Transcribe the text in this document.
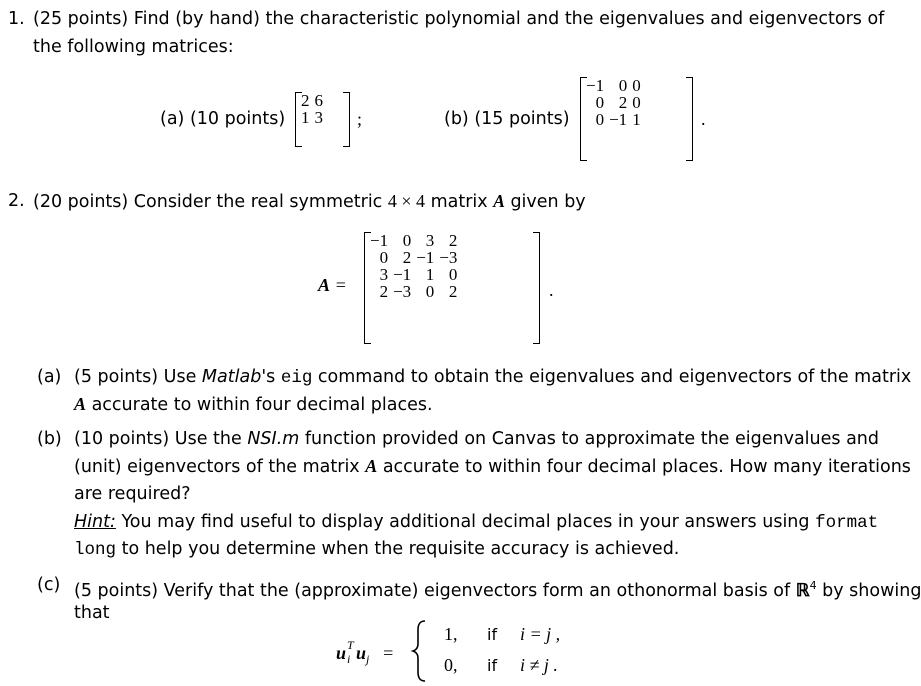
1. (25 points) Find (by hand) the characteristic polynomial and the eigenvalues and eigenvectors of
the following matrices:
(a) (10 points)
2	6
1	3 ;	(b) (15 points)
−1	0	0
0	2	0
0	−1	1	.
2. (20 points) Consider the real symmetric 4 × 4 matrix A given by
A =
−1	0	3	2
0	2	−1	−3
3	−1	1	0
2	−3	0	2	.
(a) (5 points) Use Matlab's eig command to obtain the eigenvalues and eigenvectors of the matrix
A accurate to within four decimal places.
(b) (10 points) Use the NSI.m function provided on Canvas to approximate the eigenvalues and
(unit) eigenvectors of the matrix A accurate to within four decimal places. How many iterations
are required?
Hint: You may find useful to display additional decimal places in your answers using format
long to help you determine when the requisite accuracy is achieved.
(c) (5 points) Verify that the (approximate) eigenvectors form an othonormal basis of ℝ$^4$ by showing
that
u T
i $u_j$ =
1, if i = j ,
0, if i ≠ j .
